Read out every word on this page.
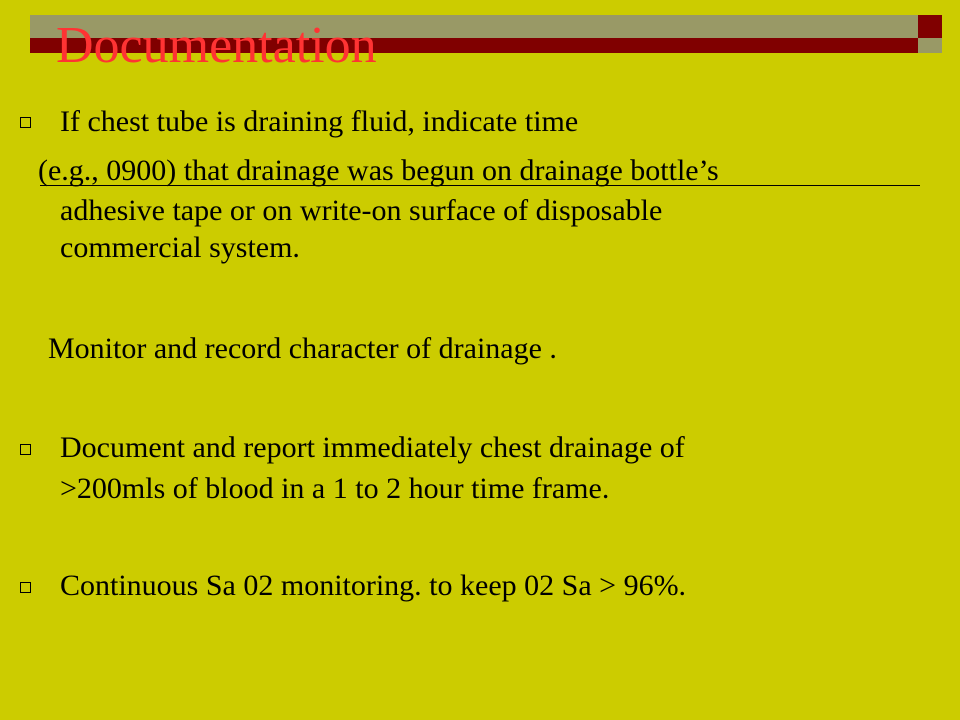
Documentation
If chest tube is draining fluid, indicate time
(e.g., 0900) that drainage was begun on drainage bottle’s
adhesive tape or on write-on surface of disposable
commercial system.
Monitor and record character of drainage .
Document and report immediately chest drainage of
>200mls of blood in a 1 to 2 hour time frame.
Continuous Sa 02 monitoring. to keep 02 Sa > 96%.
